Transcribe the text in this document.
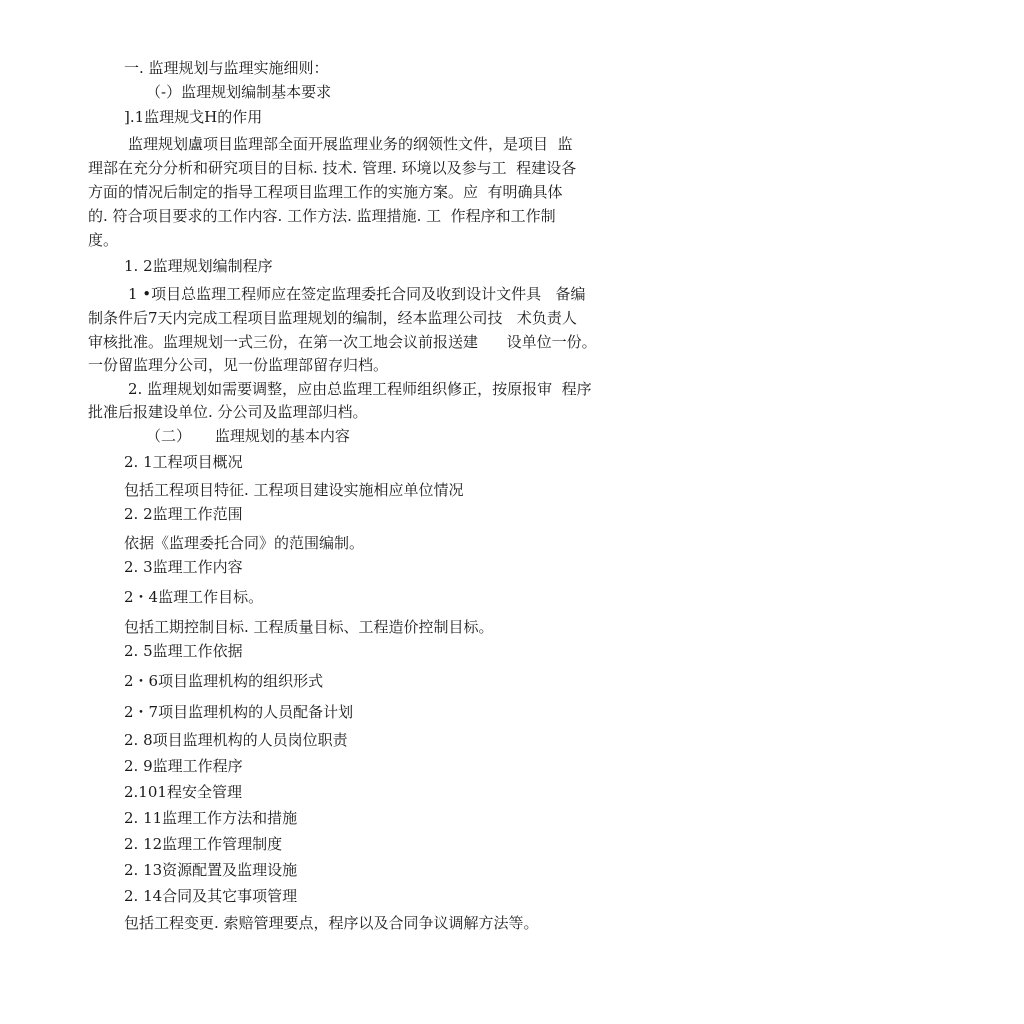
一. 监理规划与监理实施细则：

（-）监理规划编制基本要求

].1监理规戈H的作用

监理规划盧项目监理部全面开展监理业务的纲领性文件，是项目  监

理部在充分分析和研究项目的目标. 技术. 管理. 环境以及参与工  程建设各

方面的情况后制定的指导工程项目监理工作的实施方案。应  有明确具体

的. 符合项目要求的工作内容. 工作方法. 监理措施. 工  作程序和工作制

度。

1. 2监理规划编制程序

1 •项目总监理工程师应在签定监理委托合同及收到设计文件具   备编

制条件后7天内完成工程项目监理规划的编制，经本监理公司技   术负责人

审核批准。监理规划一式三份，在第一次工地会议前报送建      设单位一份。

一份留监理分公司，见一份监理部留存归档。

2. 监理规划如需要调整，应由总监理工程师组织修正，按原报审  程序

批准后报建设单位. 分公司及监理部归档。

（二）     监理规划的基本内容

2. 1工程项目概况

包括工程项目特征. 工程项目建设实施相应单位情况

2. 2监理工作范围

依据《监理委托合同》的范围编制。

2. 3监理工作内容

2・4监理工作目标。

包括工期控制目标. 工程质量目标、工程造价控制目标。

2. 5监理工作依据

2・6项目监理机构的组织形式

2・7项目监理机构的人员配备计划

2. 8项目监理机构的人员岗位职责

2. 9监理工作程序

2.101程安全管理

2. 11监理工作方法和措施

2. 12监理工作管理制度

2. 13资源配置及监理设施

2. 14合同及其它事项管理

包括工程变更. 索赔管理要点，程序以及合同争议调解方法等。
